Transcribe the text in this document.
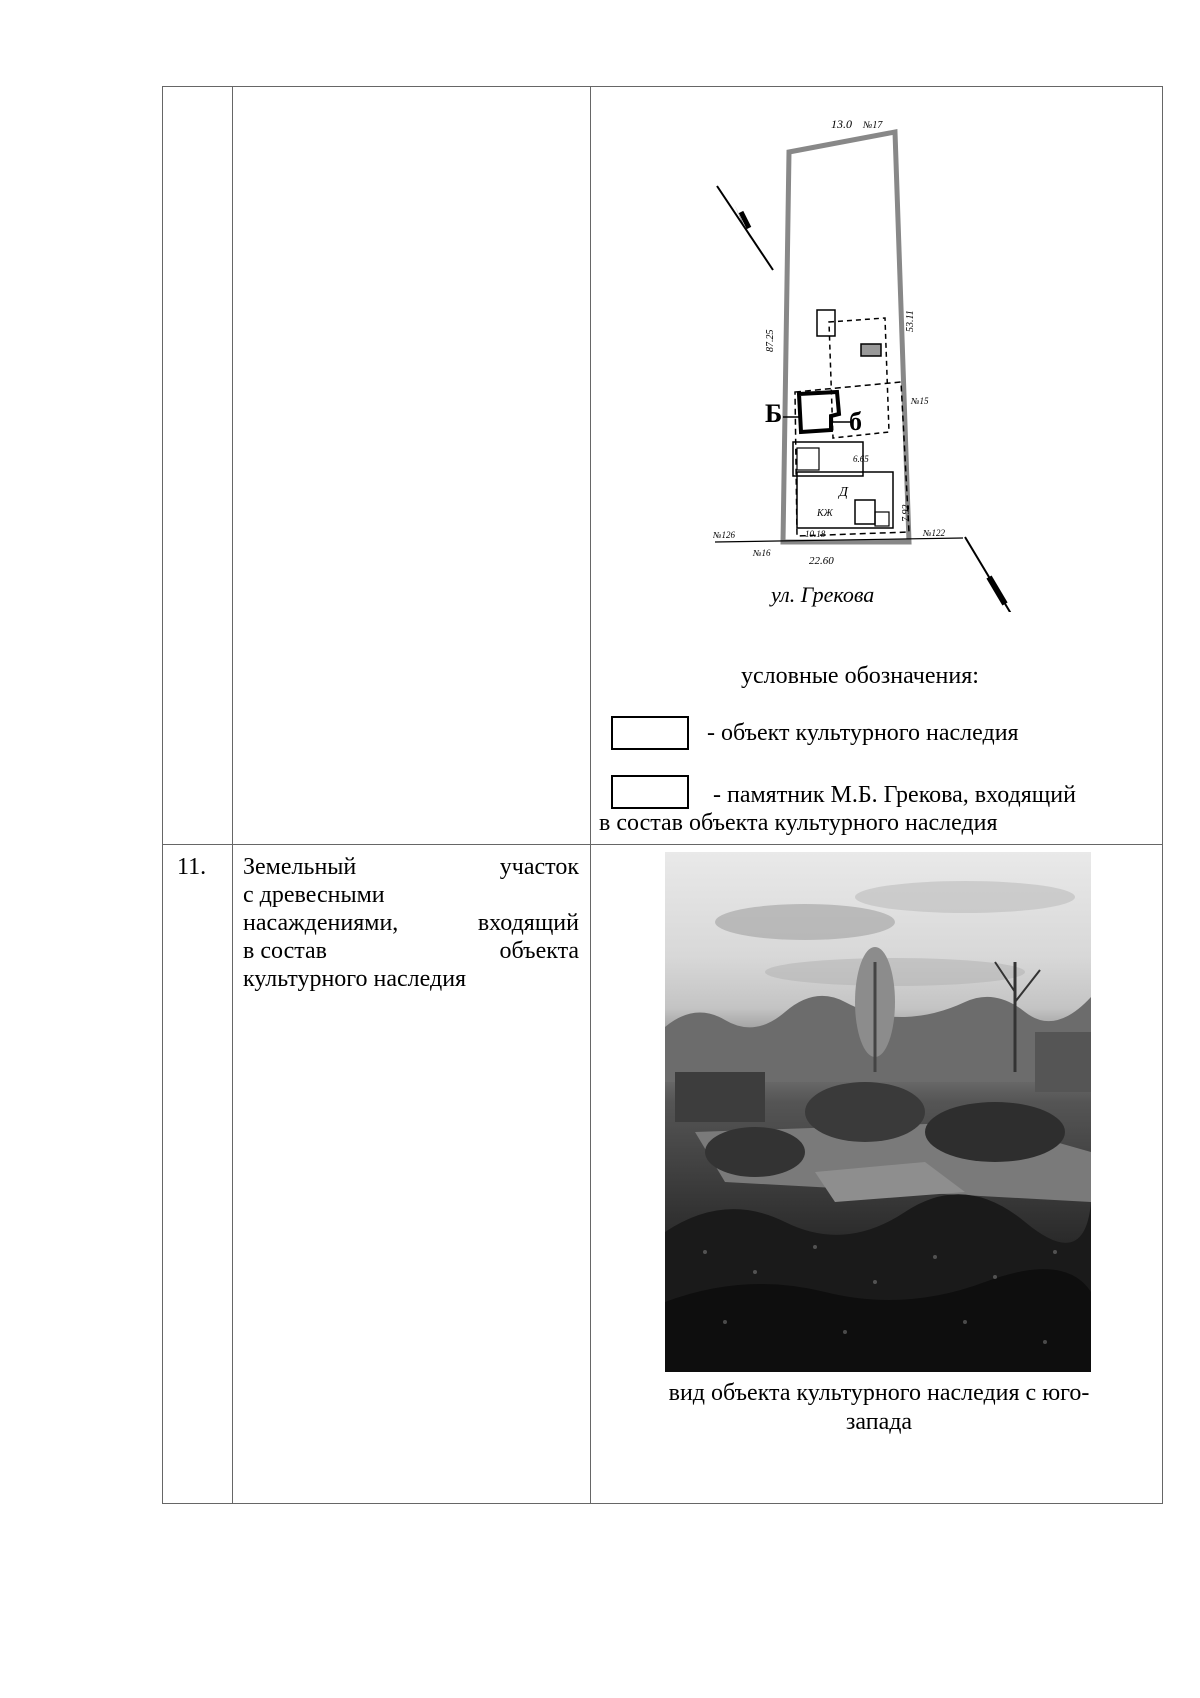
13.0 №17
87.25
53.11
№15
7.92
Б	б
Д
КЖ
6.65
10.18
№126	№122
№16
22.60
ул. Грекова
условные обозначения:
- объект культурного наследия
- памятник М.Б. Грекова, входящий
в состав объекта культурного наследия
11. Земельный	участок
с древесными
насаждениями,	входящий
в состав	объекта
культурного наследия
вид объекта культурного наследия с юго-
запада
